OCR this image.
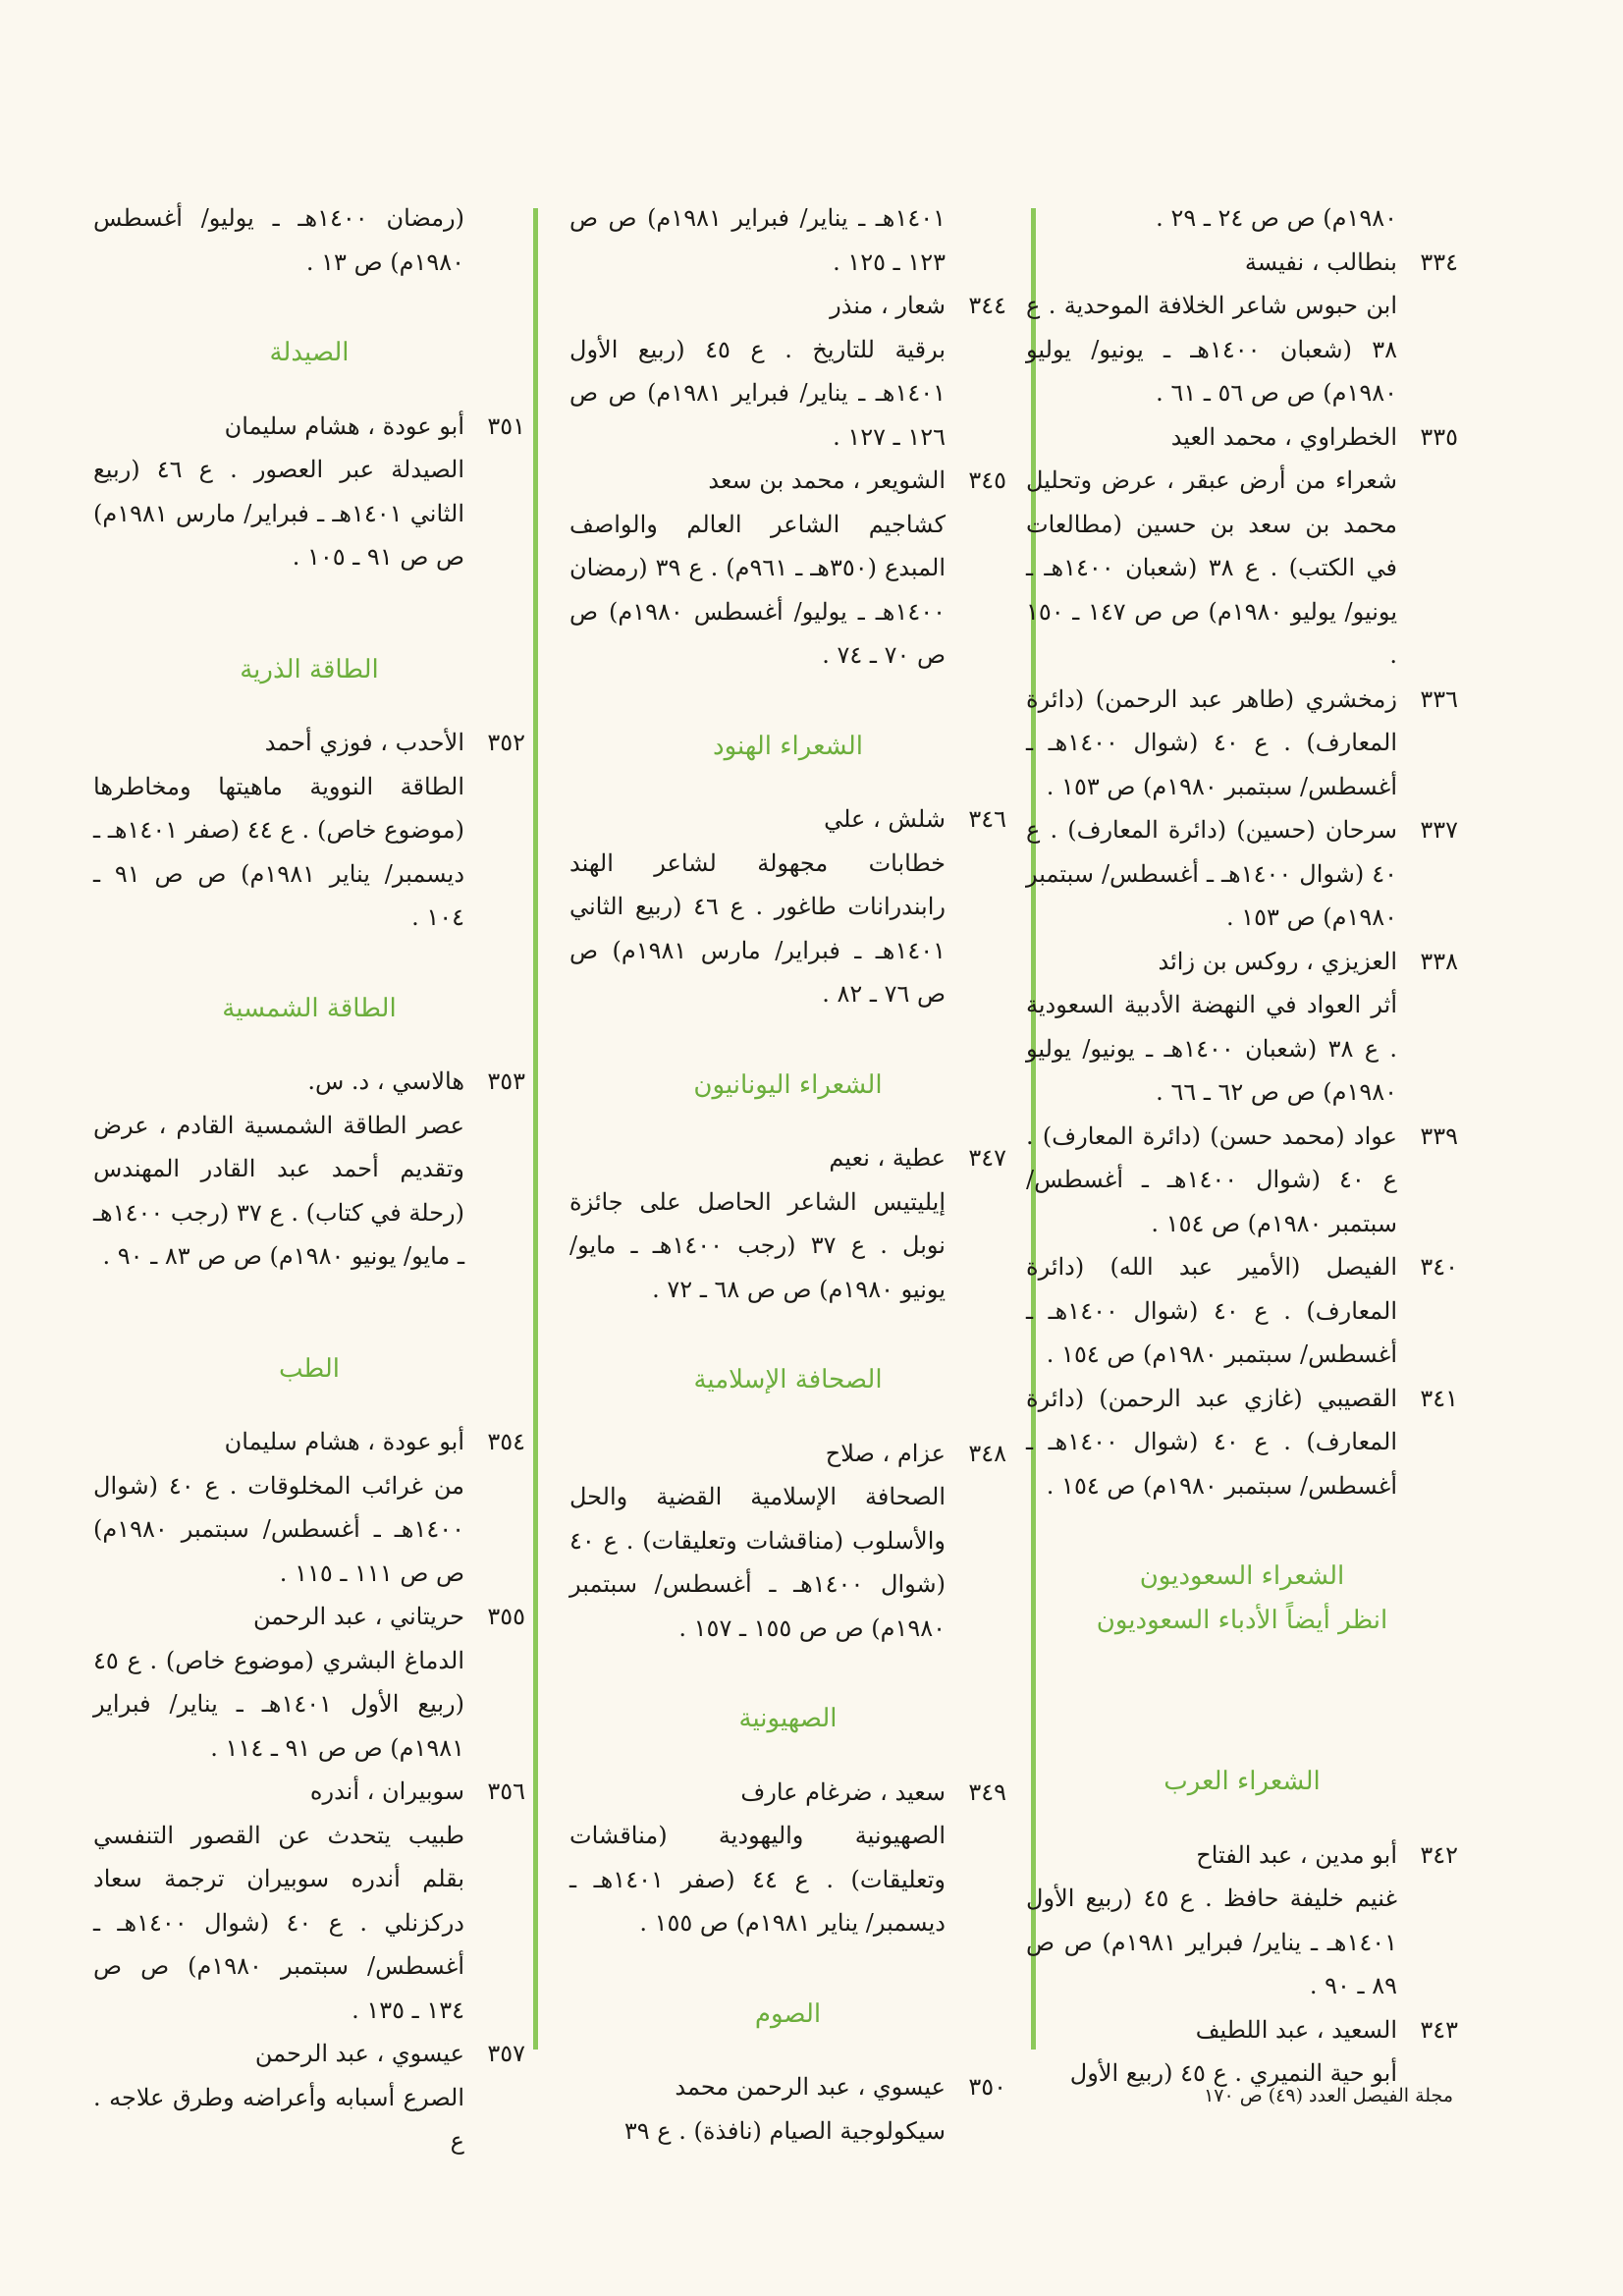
١٩٨٠م) ص ص ٢٤ ـ ٢٩ .
٣٣٤
بنطالب ، نفيسة
ابن حبوس شاعر الخلافة الموحدية . ع ٣٨ (شعبان ١٤٠٠هـ ـ يونيو/ يوليو ١٩٨٠م) ص ص ٥٦ ـ ٦١ .
٣٣٥
الخطراوي ، محمد العيد
شعراء من أرض عبقر ، عرض وتحليل محمد بن سعد بن حسين (مطالعات في الكتب) . ع ٣٨ (شعبان ١٤٠٠هـ ـ يونيو/ يوليو ١٩٨٠م) ص ص ١٤٧ ـ ١٥٠ .
٣٣٦
زمخشري (طاهر عبد الرحمن) (دائرة المعارف) . ع ٤٠ (شوال ١٤٠٠هـ ـ أغسطس/ سبتمبر ١٩٨٠م) ص ١٥٣ .
٣٣٧
سرحان (حسين) (دائرة المعارف) . ع ٤٠ (شوال ١٤٠٠هـ ـ أغسطس/ سبتمبر ١٩٨٠م) ص ١٥٣ .
٣٣٨
العزيزي ، روكس بن زائد
أثر العواد في النهضة الأدبية السعودية . ع ٣٨ (شعبان ١٤٠٠هـ ـ يونيو/ يوليو ١٩٨٠م) ص ص ٦٢ ـ ٦٦ .
٣٣٩
عواد (محمد حسن) (دائرة المعارف) . ع ٤٠ (شوال ١٤٠٠هـ ـ أغسطس/ سبتمبر ١٩٨٠م) ص ١٥٤ .
٣٤٠
الفيصل (الأمير عبد الله) (دائرة المعارف) . ع ٤٠ (شوال ١٤٠٠هـ ـ أغسطس/ سبتمبر ١٩٨٠م) ص ١٥٤ .
٣٤١
القصيبي (غازي عبد الرحمن) (دائرة المعارف) . ع ٤٠ (شوال ١٤٠٠هـ ـ أغسطس/ سبتمبر ١٩٨٠م) ص ١٥٤ .
الشعراء السعوديون
انظر أيضاً الأدباء السعوديون
الشعراء العرب
٣٤٢
أبو مدين ، عبد الفتاح
غنيم خليفة حافظ . ع ٤٥ (ربيع الأول ١٤٠١هـ ـ يناير/ فبراير ١٩٨١م) ص ص ٨٩ ـ ٩٠ .
٣٤٣
السعيد ، عبد اللطيف
أبو حية النميري . ع ٤٥ (ربيع الأول
١٤٠١هـ ـ يناير/ فبراير ١٩٨١م) ص ص ١٢٣ ـ ١٢٥ .
٣٤٤
شعار ، منذر
برقية للتاريخ . ع ٤٥ (ربيع الأول ١٤٠١هـ ـ يناير/ فبراير ١٩٨١م) ص ص ١٢٦ ـ ١٢٧ .
٣٤٥
الشويعر ، محمد بن سعد
كشاجيم الشاعر العالم والواصف المبدع (٣٥٠هـ ـ ٩٦١م) . ع ٣٩ (رمضان ١٤٠٠هـ ـ يوليو/ أغسطس ١٩٨٠م) ص ص ٧٠ ـ ٧٤ .
الشعراء الهنود
٣٤٦
شلش ، علي
خطابات مجهولة لشاعر الهند رابندرانات طاغور . ع ٤٦ (ربيع الثاني ١٤٠١هـ ـ فبراير/ مارس ١٩٨١م) ص ص ٧٦ ـ ٨٢ .
الشعراء اليونانيون
٣٤٧
عطية ، نعيم
إيليتيس الشاعر الحاصل على جائزة نوبل . ع ٣٧ (رجب ١٤٠٠هـ ـ مايو/ يونيو ١٩٨٠م) ص ص ٦٨ ـ ٧٢ .
الصحافة الإسلامية
٣٤٨
عزام ، صلاح
الصحافة الإسلامية القضية والحل والأسلوب (مناقشات وتعليقات) . ع ٤٠ (شوال ١٤٠٠هـ ـ أغسطس/ سبتمبر ١٩٨٠م) ص ص ١٥٥ ـ ١٥٧ .
الصهيونية
٣٤٩
سعيد ، ضرغام عارف
الصهيونية واليهودية (مناقشات وتعليقات) . ع ٤٤ (صفر ١٤٠١هـ ـ ديسمبر/ يناير ١٩٨١م) ص ١٥٥ .
الصوم
٣٥٠
عيسوي ، عبد الرحمن محمد
سيكولوجية الصيام (نافذة) . ع ٣٩
(رمضان ١٤٠٠هـ ـ يوليو/ أغسطس ١٩٨٠م) ص ١٣ .
الصيدلة
٣٥١
أبو عودة ، هشام سليمان
الصيدلة عبر العصور . ع ٤٦ (ربيع الثاني ١٤٠١هـ ـ فبراير/ مارس ١٩٨١م) ص ص ٩١ ـ ١٠٥ .
الطاقة الذرية
٣٥٢
الأحدب ، فوزي أحمد
الطاقة النووية ماهيتها ومخاطرها (موضوع خاص) . ع ٤٤ (صفر ١٤٠١هـ ـ ديسمبر/ يناير ١٩٨١م) ص ص ٩١ ـ ١٠٤ .
الطاقة الشمسية
٣٥٣
هالاسي ، د. س.
عصر الطاقة الشمسية القادم ، عرض وتقديم أحمد عبد القادر المهندس (رحلة في كتاب) . ع ٣٧ (رجب ١٤٠٠هـ ـ مايو/ يونيو ١٩٨٠م) ص ص ٨٣ ـ ٩٠ .
الطب
٣٥٤
أبو عودة ، هشام سليمان
من غرائب المخلوقات . ع ٤٠ (شوال ١٤٠٠هـ ـ أغسطس/ سبتمبر ١٩٨٠م) ص ص ١١١ ـ ١١٥ .
٣٥٥
حريتاني ، عبد الرحمن
الدماغ البشري (موضوع خاص) . ع ٤٥ (ربيع الأول ١٤٠١هـ ـ يناير/ فبراير ١٩٨١م) ص ص ٩١ ـ ١١٤ .
٣٥٦
سوبيران ، أندره
طبيب يتحدث عن القصور التنفسي بقلم أندره سوبيران ترجمة سعاد دركزنلي . ع ٤٠ (شوال ١٤٠٠هـ ـ أغسطس/ سبتمبر ١٩٨٠م) ص ص ١٣٤ ـ ١٣٥ .
٣٥٧
عيسوي ، عبد الرحمن
الصرع أسبابه وأعراضه وطرق علاجه . ع
مجلة الفيصل العدد (٤٩) ص ١٧٠
